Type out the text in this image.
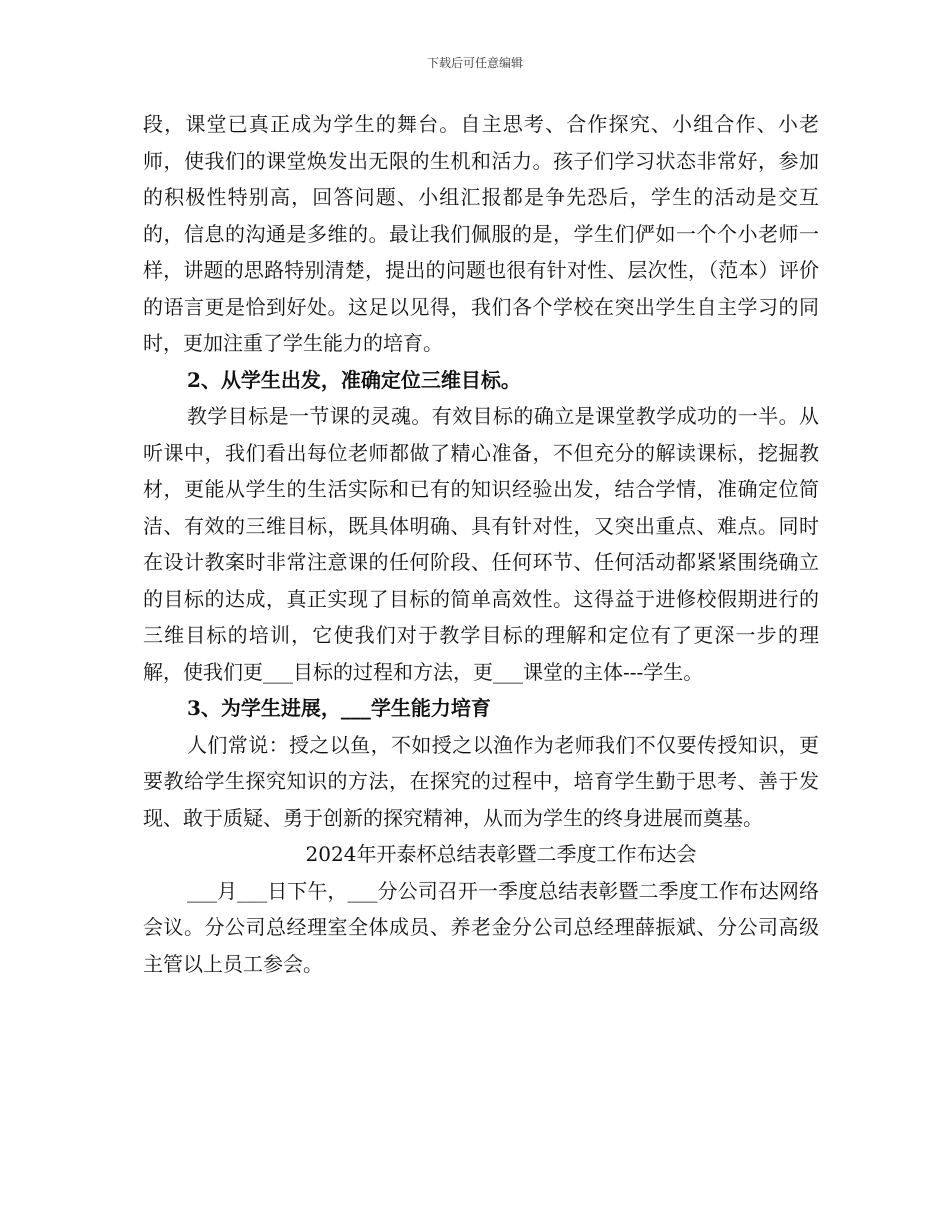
下载后可任意编辑

段，课堂已真正成为学生的舞台。自主思考、合作探究、小组合作、小老师，使我们的课堂焕发出无限的生机和活力。孩子们学习状态非常好，参加的积极性特别高，回答问题、小组汇报都是争先恐后，学生的活动是交互的，信息的沟通是多维的。最让我们佩服的是，学生们俨如一个个小老师一样，讲题的思路特别清楚，提出的问题也很有针对性、层次性，（范本）评价的语言更是恰到好处。这足以见得，我们各个学校在突出学生自主学习的同时，更加注重了学生能力的培育。

2、从学生出发，准确定位三维目标。

教学目标是一节课的灵魂。有效目标的确立是课堂教学成功的一半。从听课中，我们看出每位老师都做了精心准备，不但充分的解读课标，挖掘教材，更能从学生的生活实际和已有的知识经验出发，结合学情，准确定位简洁、有效的三维目标，既具体明确、具有针对性，又突出重点、难点。同时在设计教案时非常注意课的任何阶段、任何环节、任何活动都紧紧围绕确立的目标的达成，真正实现了目标的简单高效性。这得益于进修校假期进行的三维目标的培训，它使我们对于教学目标的理解和定位有了更深一步的理解，使我们更___目标的过程和方法，更___课堂的主体---学生。

3、为学生进展，___学生能力培育

人们常说：授之以鱼，不如授之以渔作为老师我们不仅要传授知识，更要教给学生探究知识的方法，在探究的过程中，培育学生勤于思考、善于发现、敢于质疑、勇于创新的探究精神，从而为学生的终身进展而奠基。

2024年开泰杯总结表彰暨二季度工作布达会

___月___日下午，___分公司召开一季度总结表彰暨二季度工作布达网络会议。分公司总经理室全体成员、养老金分公司总经理薛振斌、分公司高级主管以上员工参会。
